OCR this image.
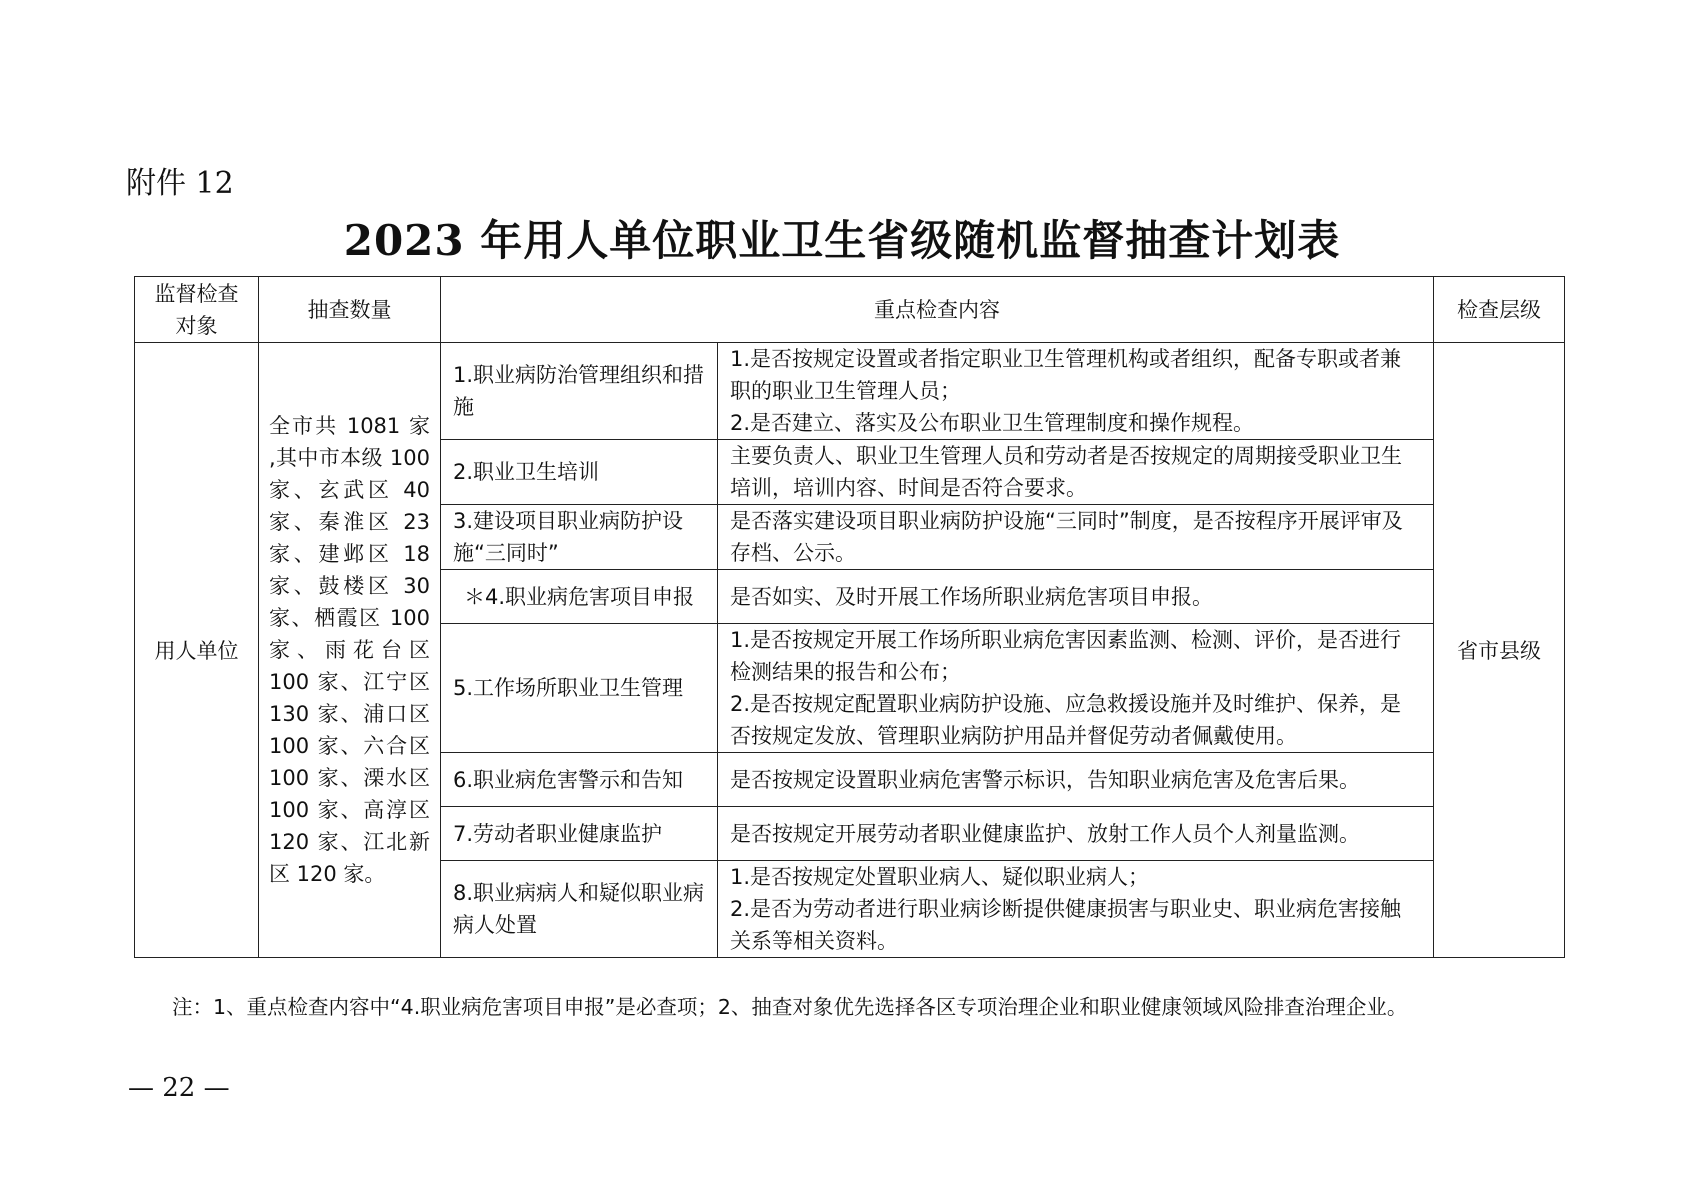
附件 12
2023 年用人单位职业卫生省级随机监督抽查计划表
监督检查
对象	抽查数量	重点检查内容		检查层级
用人单位	全市共 1081 家 ,其中市本级 100 家、玄武区 40 家、秦淮区 23 家、建邺区 18 家、鼓楼区 30 家、栖霞区 100 家、雨花台区 100 家、江宁区 130 家、浦口区 100 家、六合区 100 家、溧水区 100 家、高淳区 120 家、江北新区 120 家。	1.职业病防治管理组织和措施	1.是否按规定设置或者指定职业卫生管理机构或者组织，配备专职或者兼职的职业卫生管理人员；
2.是否建立、落实及公布职业卫生管理制度和操作规程。	省市县级
		2.职业卫生培训	主要负责人、职业卫生管理人员和劳动者是否按规定的周期接受职业卫生培训，培训内容、时间是否符合要求。	

		3.建设项目职业病防护设施“三同时”	是否落实建设项目职业病防护设施“三同时”制度，是否按程序开展评审及存档、公示。	

		＊4.职业病危害项目申报	是否如实、及时开展工作场所职业病危害项目申报。	

		5.工作场所职业卫生管理	1.是否按规定开展工作场所职业病危害因素监测、检测、评价，是否进行检测结果的报告和公布；
2.是否按规定配置职业病防护设施、应急救援设施并及时维护、保养，是否按规定发放、管理职业病防护用品并督促劳动者佩戴使用。	

		6.职业病危害警示和告知	是否按规定设置职业病危害警示标识，告知职业病危害及危害后果。	

		7.劳动者职业健康监护	是否按规定开展劳动者职业健康监护、放射工作人员个人剂量监测。	

		8.职业病病人和疑似职业病病人处置	1.是否按规定处置职业病人、疑似职业病人；
2.是否为劳动者进行职业病诊断提供健康损害与职业史、职业病危害接触关系等相关资料。	
注：1、重点检查内容中“4.职业病危害项目申报”是必查项；2、抽查对象优先选择各区专项治理企业和职业健康领域风险排查治理企业。
— 22 —
